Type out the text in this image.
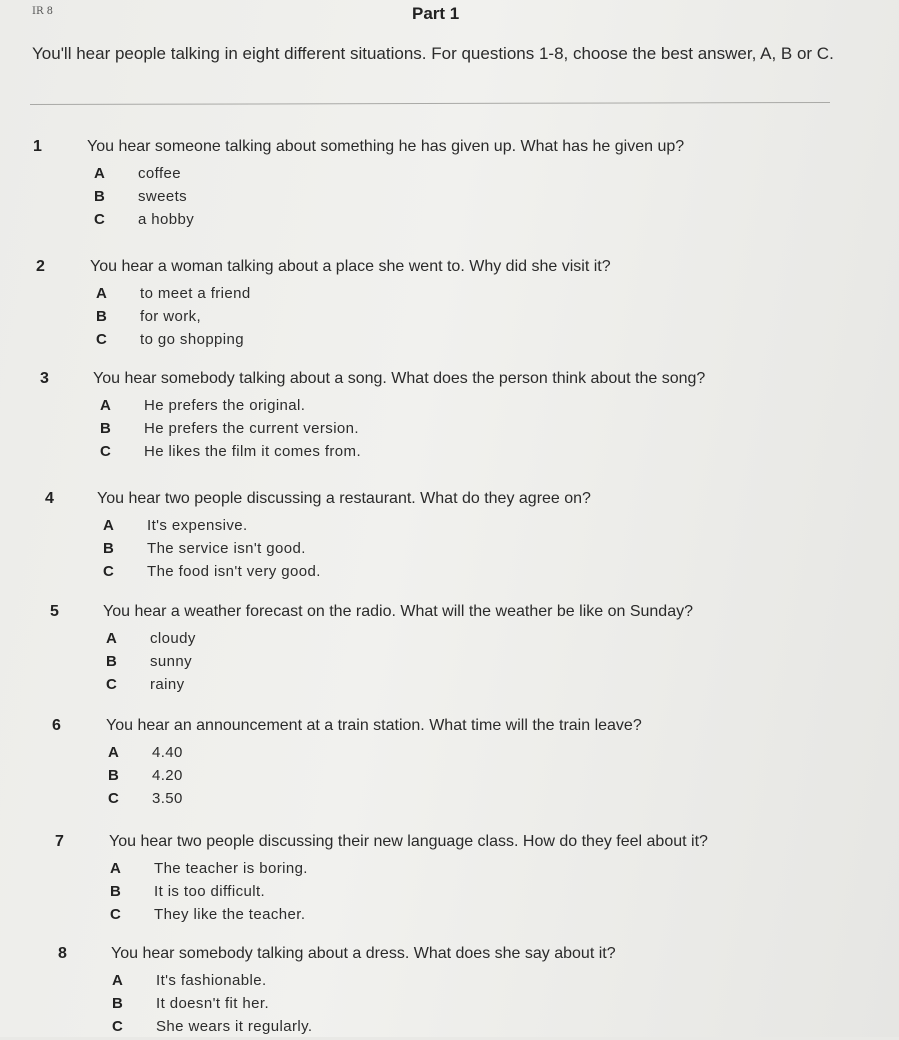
IR 8	Part 1
You'll hear people talking in eight different situations. For questions 1-8, choose the best answer, A, B or C.
1	You hear someone talking about something he has given up. What has he given up?
A coffee
B sweets
C a hobby
2	You hear a woman talking about a place she went to. Why did she visit it?
A to meet a friend
B for work,
C to go shopping
3	You hear somebody talking about a song. What does the person think about the song?
A He prefers the original.
B He prefers the current version.
C He likes the film it comes from.
4	You hear two people discussing a restaurant. What do they agree on?
A It's expensive.
B The service isn't good.
C The food isn't very good.
5	You hear a weather forecast on the radio. What will the weather be like on Sunday?
A cloudy
B sunny
C rainy
6	You hear an announcement at a train station. What time will the train leave?
A 4.40
B 4.20
C 3.50
7	You hear two people discussing their new language class. How do they feel about it?
A The teacher is boring.
B It is too difficult.
C They like the teacher.
8	You hear somebody talking about a dress. What does she say about it?
A It's fashionable.
B It doesn't fit her.
C She wears it regularly.
